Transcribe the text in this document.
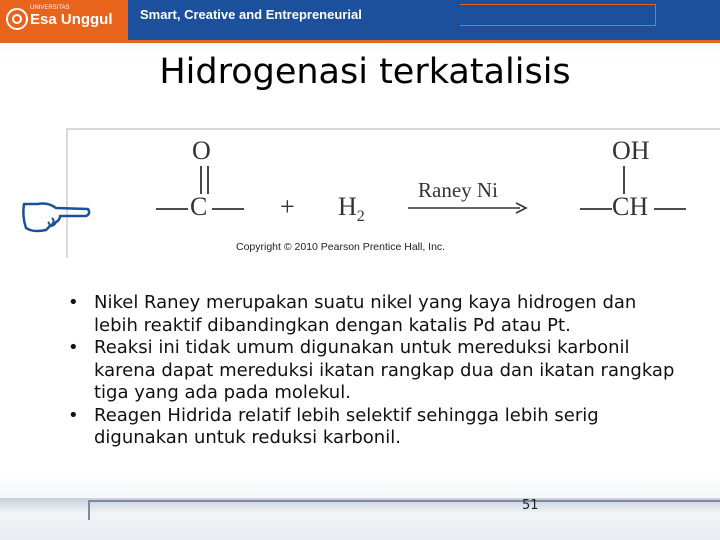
UNIVERSITAS
Esa Unggul Smart, Creative and Entrepreneurial
Hidrogenasi terkatalisis
O
C	+ $H_2$
Raney Ni
OH
CH
Copyright © 2010 Pearson Prentice Hall, Inc.
• Nikel Raney merupakan suatu nikel yang kaya hidrogen dan lebih reaktif dibandingkan dengan katalis Pd atau Pt.
• Reaksi ini tidak umum digunakan untuk mereduksi karbonil karena dapat mereduksi ikatan rangkap dua dan ikatan rangkap tiga yang ada pada molekul.
• Reagen Hidrida relatif lebih selektif sehingga lebih serig digunakan untuk reduksi karbonil.
51
